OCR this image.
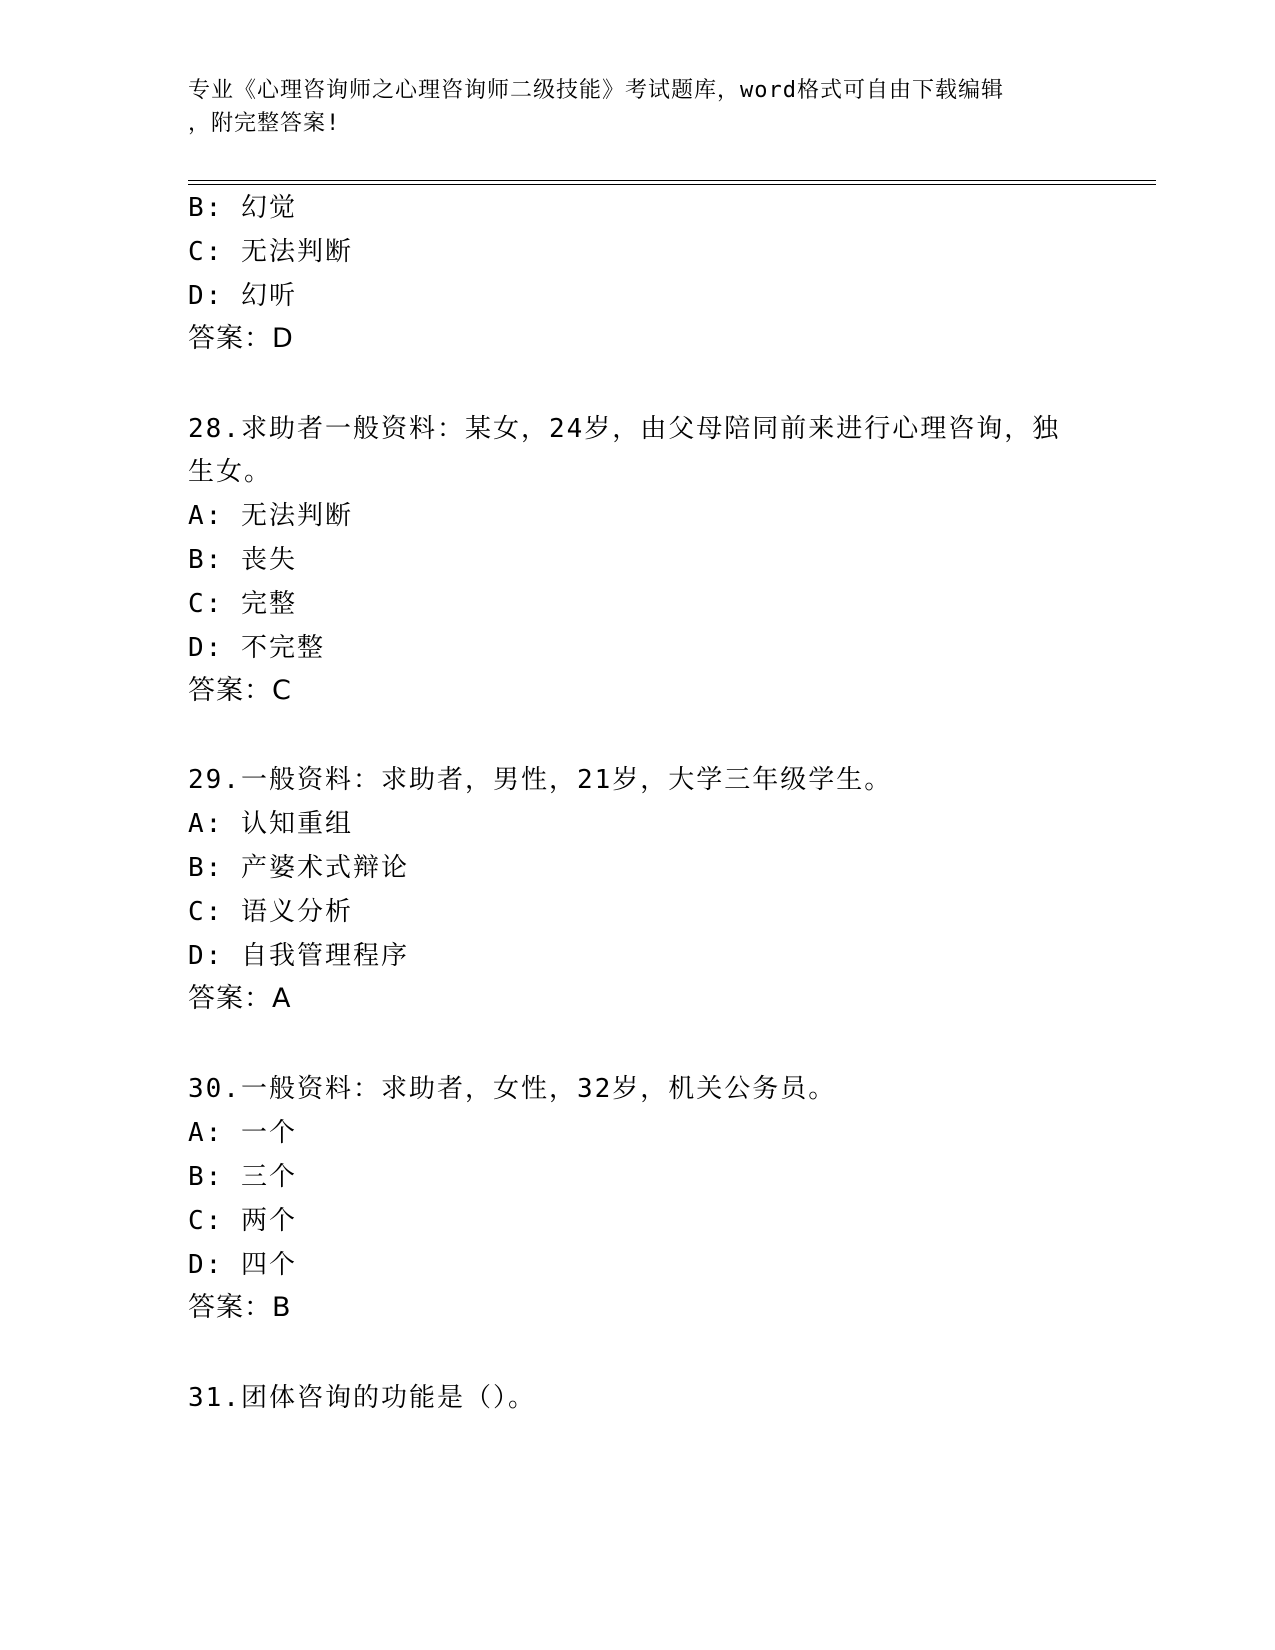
专业《心理咨询师之心理咨询师二级技能》考试题库，word格式可自由下载编辑
，附完整答案!
B: 幻觉
C: 无法判断
D: 幻听
答案：D
28.求助者一般资料：某女，24岁，由父母陪同前来进行心理咨询，独
生女。
A: 无法判断
B: 丧失
C: 完整
D: 不完整
答案：C
29.一般资料：求助者，男性，21岁，大学三年级学生。
A: 认知重组
B: 产婆术式辩论
C: 语义分析
D: 自我管理程序
答案：A
30.一般资料：求助者，女性，32岁，机关公务员。
A: 一个
B: 三个
C: 两个
D: 四个
答案：B
31.团体咨询的功能是（）。
